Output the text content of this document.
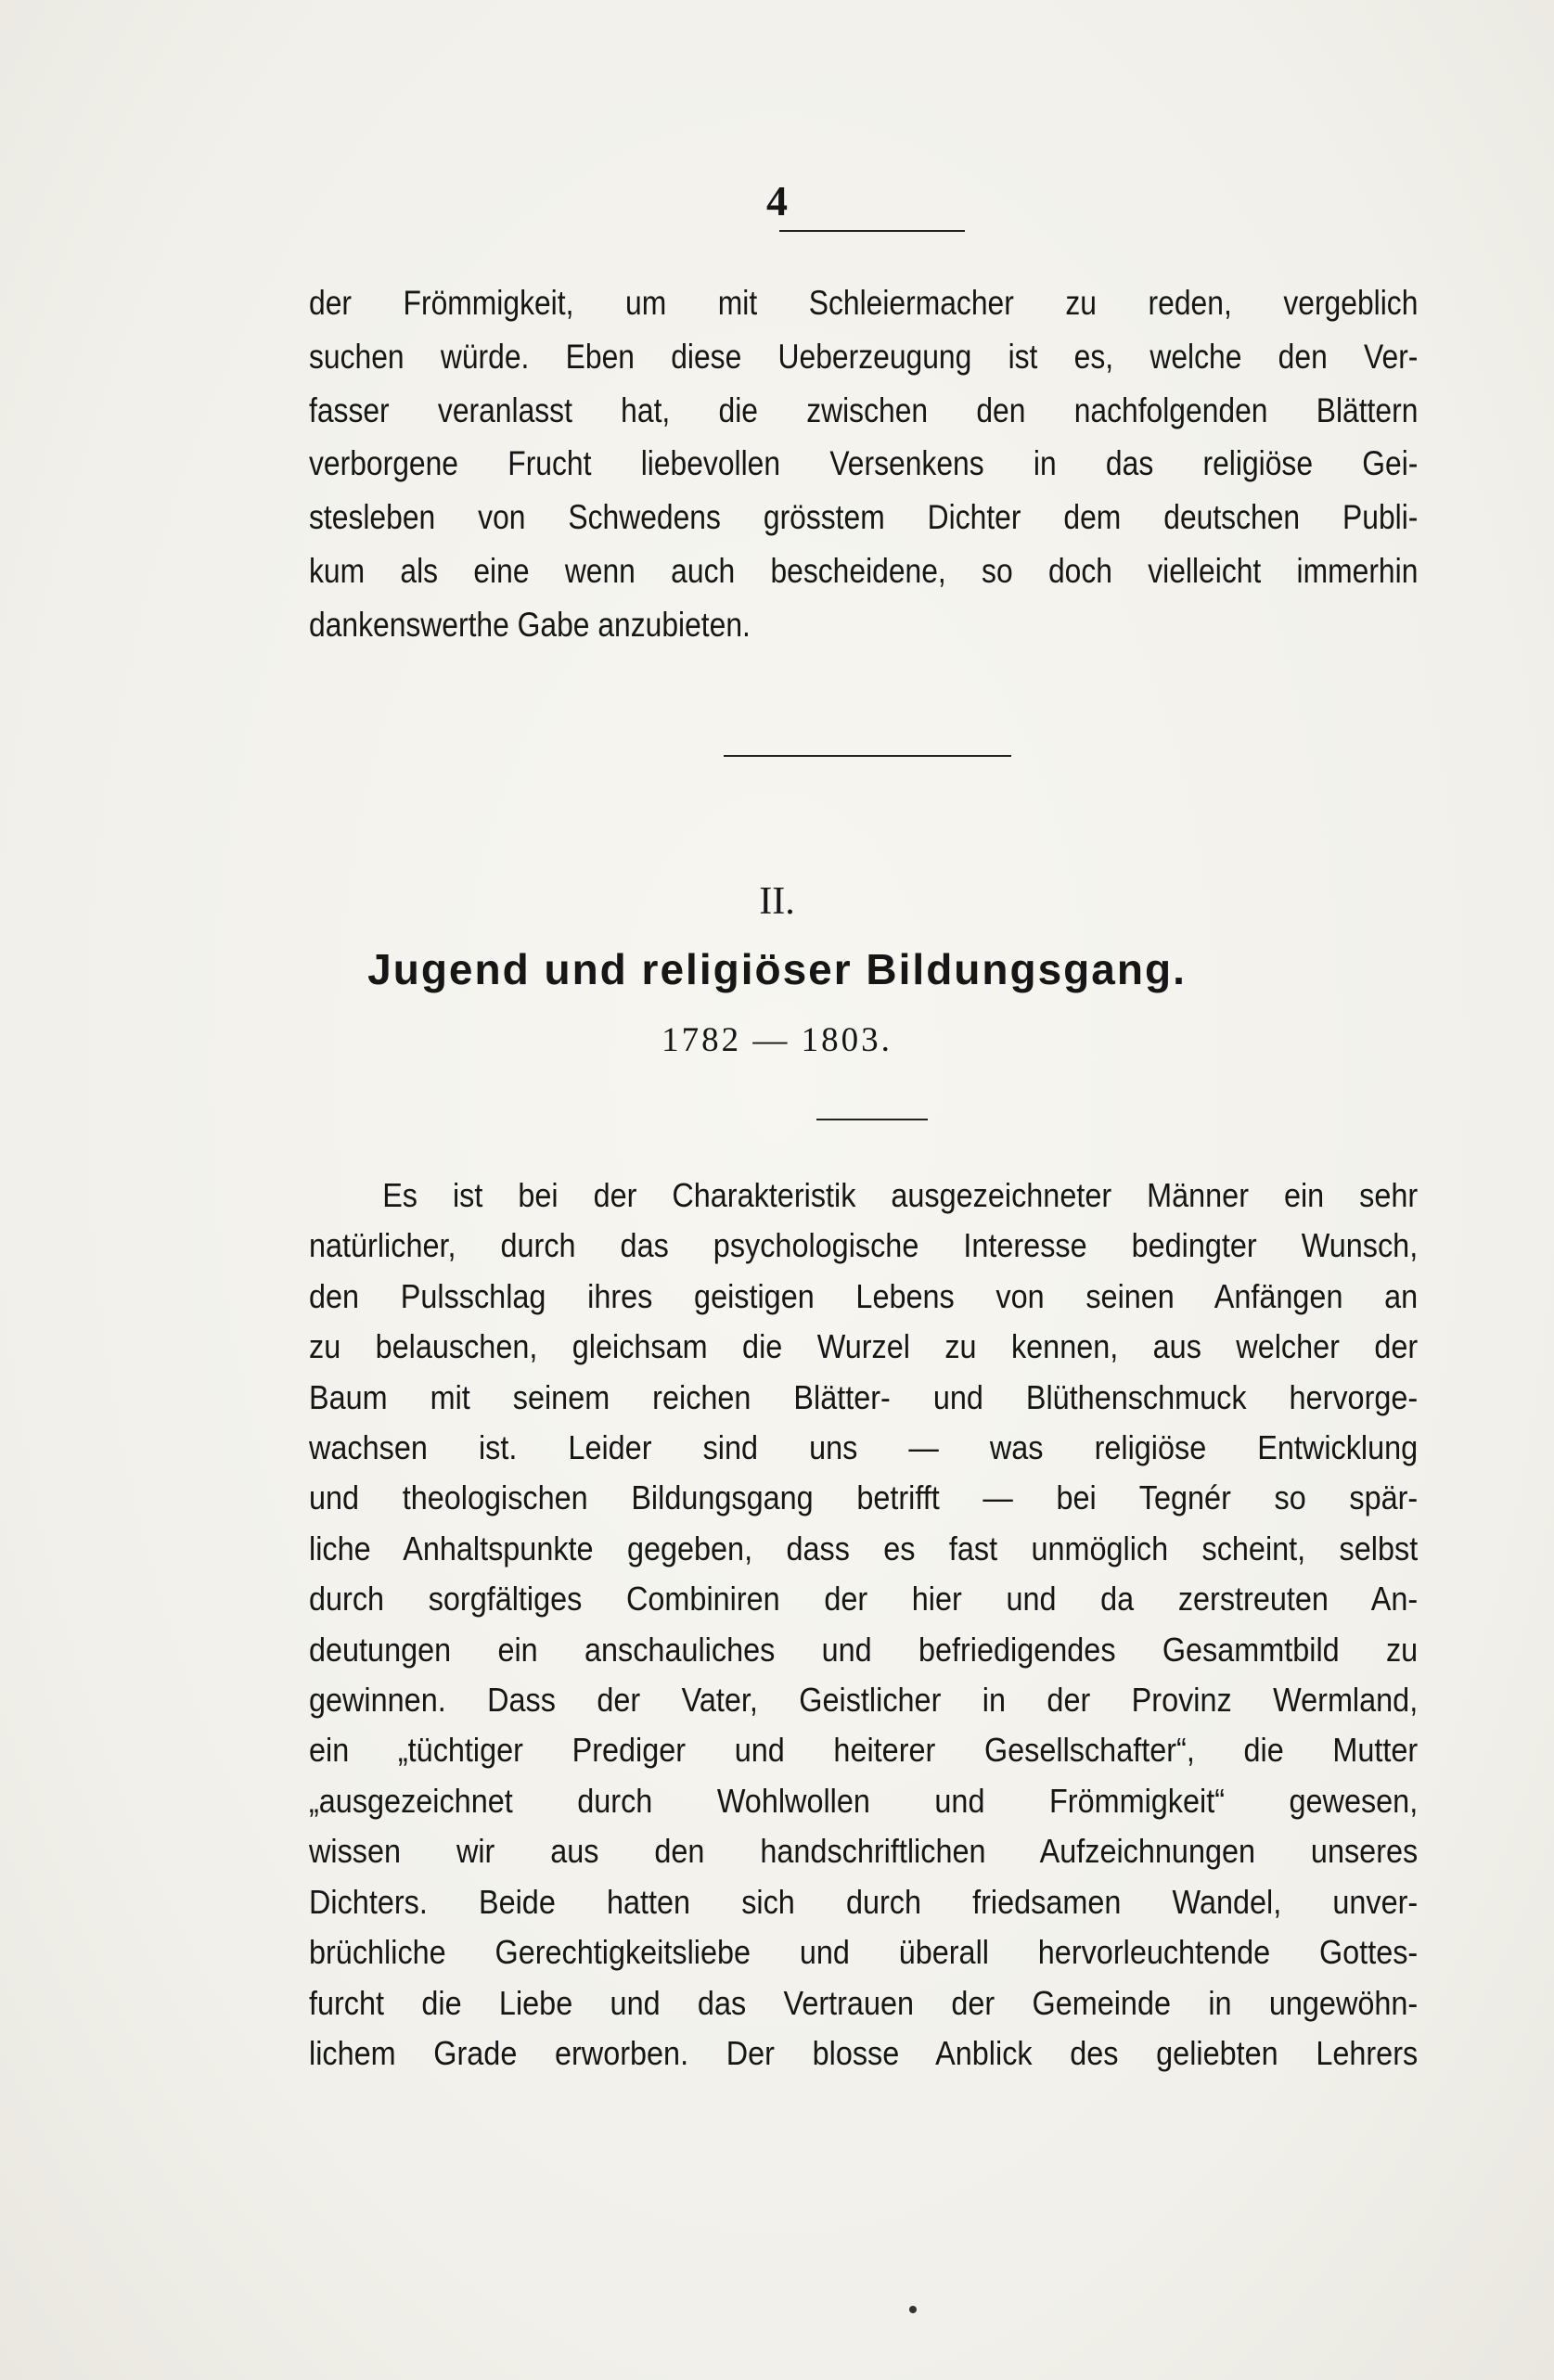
4
der Frömmigkeit, um mit Schleiermacher zu reden, vergeblich
suchen würde. Eben diese Ueberzeugung ist es, welche den Ver-
fasser veranlasst hat, die zwischen den nachfolgenden Blättern
verborgene Frucht liebevollen Versenkens in das religiöse Gei-
stesleben von Schwedens grösstem Dichter dem deutschen Publi-
kum als eine wenn auch bescheidene, so doch vielleicht immerhin
dankenswerthe Gabe anzubieten.
II.
Jugend und religiöser Bildungsgang.
1782 — 1803.
Es ist bei der Charakteristik ausgezeichneter Männer ein sehr
natürlicher, durch das psychologische Interesse bedingter Wunsch,
den Pulsschlag ihres geistigen Lebens von seinen Anfängen an
zu belauschen, gleichsam die Wurzel zu kennen, aus welcher der
Baum mit seinem reichen Blätter- und Blüthenschmuck hervorge-
wachsen ist. Leider sind uns — was religiöse Entwicklung
und theologischen Bildungsgang betrifft — bei Tegnér so spär-
liche Anhaltspunkte gegeben, dass es fast unmöglich scheint, selbst
durch sorgfältiges Combiniren der hier und da zerstreuten An-
deutungen ein anschauliches und befriedigendes Gesammtbild zu
gewinnen. Dass der Vater, Geistlicher in der Provinz Wermland,
ein „tüchtiger Prediger und heiterer Gesellschafter“, die Mutter
„ausgezeichnet durch Wohlwollen und Frömmigkeit“ gewesen,
wissen wir aus den handschriftlichen Aufzeichnungen unseres
Dichters. Beide hatten sich durch friedsamen Wandel, unver-
brüchliche Gerechtigkeitsliebe und überall hervorleuchtende Gottes-
furcht die Liebe und das Vertrauen der Gemeinde in ungewöhn-
lichem Grade erworben. Der blosse Anblick des geliebten Lehrers
